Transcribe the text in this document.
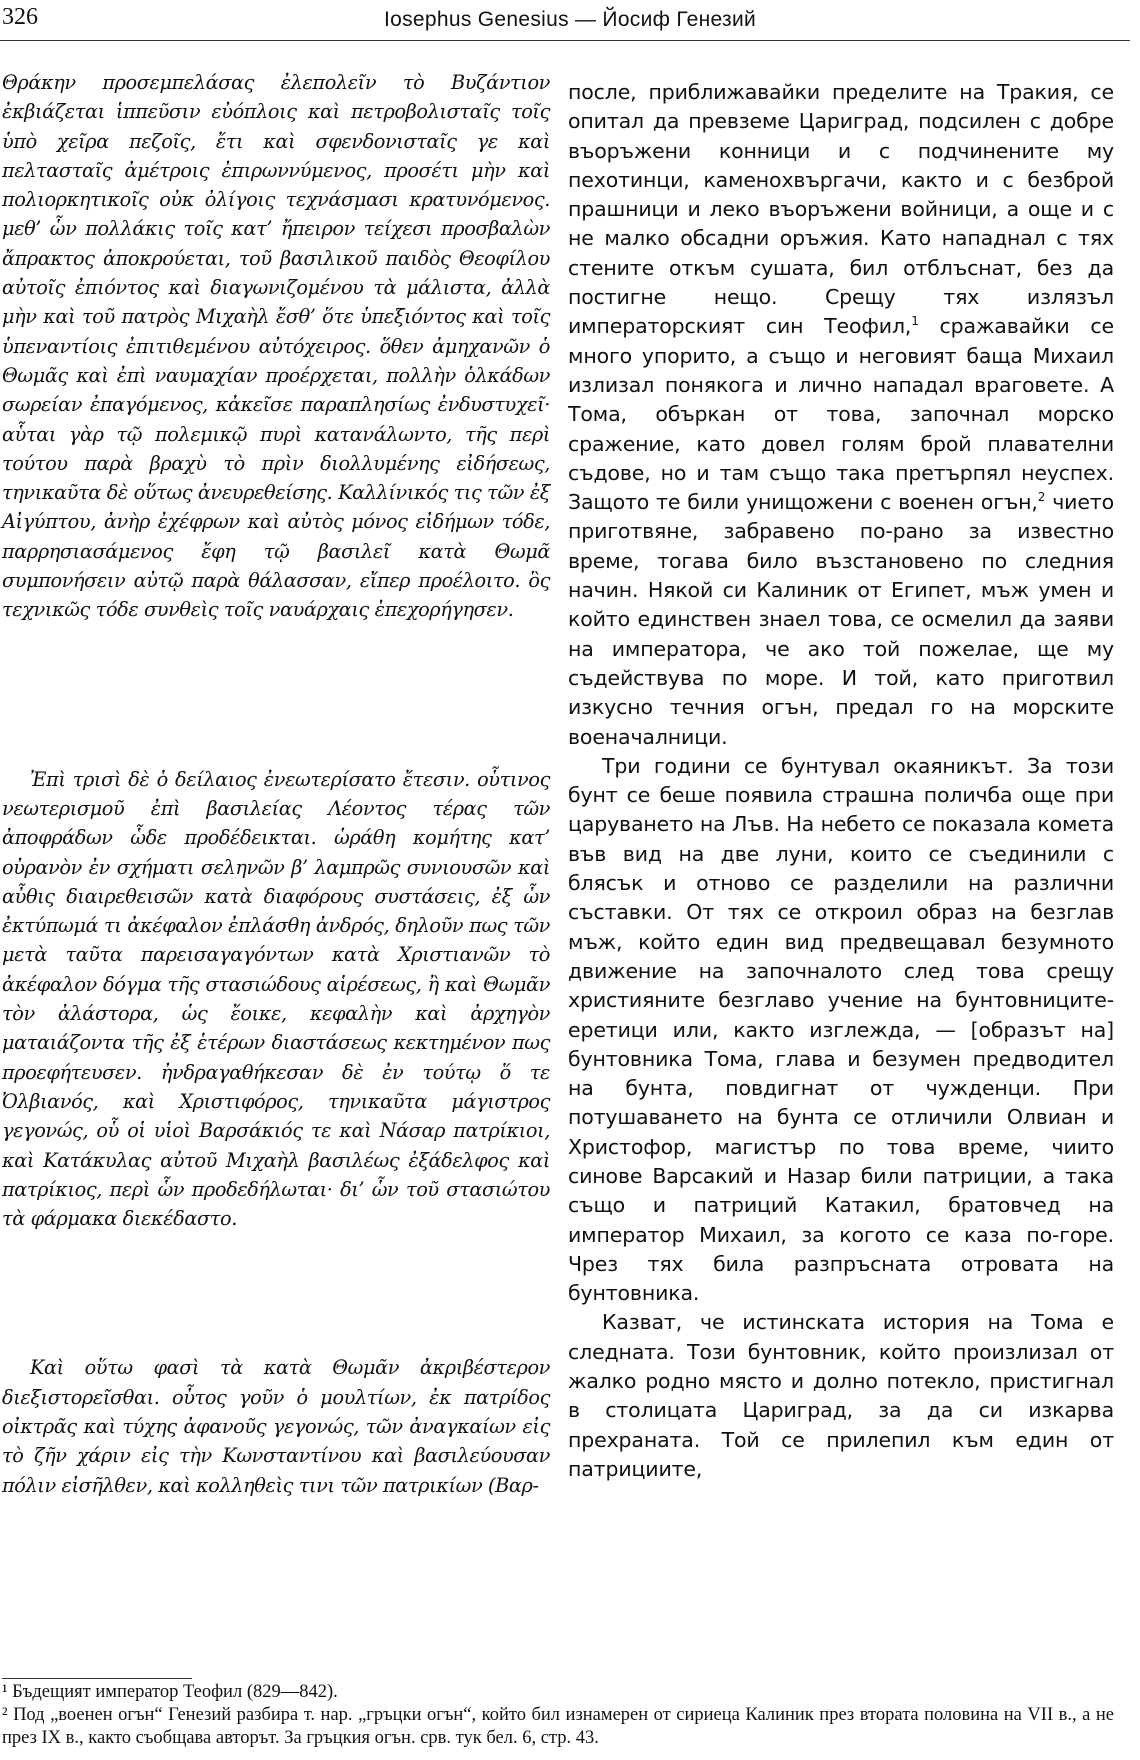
326	Iosephus Genesius — Йосиф Генезий

Θράκην προσεμπελάσας ἐλεπολεῖν τὸ Βυζάντιον ἐκβιάζεται ἱππεῦσιν εὐόπλοις καὶ πετροβολισταῖς τοῖς ὑπὸ χεῖρα πεζοῖς, ἔτι καὶ σφενδονισταῖς γε καὶ πελτασταῖς ἀμέτροις ἐπιρωννύμενος, προσέτι μὴν καὶ πολιορκητικοῖς οὐκ ὀλίγοις τεχνάσμασι κρατυνόμενος. μεθ’ ὧν πολλάκις τοῖς κατ’ ἤπειρον τείχεσι προσβαλὼν ἄπρακτος ἀποκρούεται, τοῦ βασιλικοῦ παιδὸς Θεοφίλου αὐτοῖς ἐπιόντος καὶ διαγωνιζομένου τὰ μάλιστα, ἀλλὰ μὴν καὶ τοῦ πατρὸς Μιχαὴλ ἔσθ’ ὅτε ὑπεξιόντος καὶ τοῖς ὑπεναντίοις ἐπιτιθεμένου αὐτόχειρος. ὅθεν ἀμηχανῶν ὁ Θωμᾶς καὶ ἐπὶ ναυμαχίαν προέρχεται, πολλὴν ὁλκάδων σωρείαν ἐπαγόμενος, κἀκεῖσε παραπλησίως ἐνδυστυχεῖ· αὗται γὰρ τῷ πολεμικῷ πυρὶ κατανάλωντο, τῆς περὶ τούτου παρὰ βραχὺ τὸ πρὶν διολλυμένης εἰδήσεως, τηνικαῦτα δὲ οὕτως ἀνευρεθείσης. Καλλίνικός τις τῶν ἐξ Αἰγύπτου, ἀνὴρ ἐχέφρων καὶ αὐτὸς μόνος εἰδήμων τόδε, παρρησιασάμενος ἔφη τῷ βασιλεῖ κατὰ Θωμᾶ συμπονήσειν αὐτῷ παρὰ θάλασσαν, εἴπερ προέλοιτο. ὃς τεχνικῶς τόδε συνθεὶς τοῖς ναυάρχαις ἐπεχορήγησεν.

Ἐπὶ τρισὶ δὲ ὁ δείλαιος ἐνεωτερίσατο ἔτεσιν. οὗτινος νεωτερισμοῦ ἐπὶ βασιλείας Λέοντος τέρας τῶν ἀποφράδων ὧδε προδέδεικται. ὡράθη κομήτης κατ’ οὐρανὸν ἐν σχήματι σεληνῶν β’ λαμπρῶς συνιουσῶν καὶ αὖθις διαιρεθεισῶν κατὰ διαφόρους συστάσεις, ἐξ ὧν ἐκτύπωμά τι ἀκέφαλον ἐπλάσθη ἀνδρός, δηλοῦν πως τῶν μετὰ ταῦτα παρεισαγαγόντων κατὰ Χριστιανῶν τὸ ἀκέφαλον δόγμα τῆς στασιώδους αἱρέσεως, ἢ καὶ Θωμᾶν τὸν ἀλάστορα, ὡς ἔοικε, κεφαλὴν καὶ ἀρχηγὸν ματαιάζοντα τῆς ἐξ ἑτέρων διαστάσεως κεκτημένον πως προεφήτευσεν. ἠνδραγαθήκεσαν δὲ ἐν τούτῳ ὅ τε Ὀλβιανός, καὶ Χριστιφόρος, τηνικαῦτα μάγιστρος γεγονώς, οὗ οἱ υἱοὶ Βαρσάκιός τε καὶ Νάσαρ πατρίκιοι, καὶ Κατάκυλας αὐτοῦ Μιχαὴλ βασιλέως ἐξάδελφος καὶ πατρίκιος, περὶ ὧν προδεδήλωται· δι’ ὧν τοῦ στασιώτου τὰ φάρμακα διεκέδαστο.

Καὶ οὕτω φασὶ τὰ κατὰ Θωμᾶν ἀκριβέστερον διεξιστορεῖσθαι. οὗτος γοῦν ὁ μουλτίων, ἐκ πατρίδος οἰκτρᾶς καὶ τύχης ἀφανοῦς γεγονώς, τῶν ἀναγκαίων εἰς τὸ ζῆν χάριν εἰς τὴν Κωνσταντίνου καὶ βασιλεύουσαν πόλιν εἰσῆλθεν, καὶ κολληθεὶς τινι τῶν πατρικίων (Βαρ-

после, приближавайки пределите на Тракия, се опитал да превземе Цариград, подсилен с добре въоръжени конници и с подчинените му пехотинци, каменохвъргачи, както и с безброй прашници и леко въоръжени войници, а още и с не малко обсадни оръжия. Като нападнал с тях стените откъм сушата, бил отблъснат, без да постигне нещо. Срещу тях излязъл императорският син Теофил,$^1$ сражавайки се много упорито, а също и неговият баща Михаил излизал понякога и лично нападал враговете. А Тома, объркан от това, започнал морско сражение, като довел голям брой плавателни съдове, но и там също така претърпял неуспех. Защото те били унищожени с военен огън,$^2$ чието приготвяне, забравено по-рано за известно време, тогава било възстановено по следния начин. Някой си Калиник от Египет, мъж умен и който единствен знаел това, се осмелил да заяви на императора, че ако той пожелае, ще му съдействува по море. И той, като приготвил изкусно течния огън, предал го на морските военачалници.

Три години се бунтувал окаяникът. За този бунт се беше появила страшна поличба още при царуването на Лъв. На небето се показала комета във вид на две луни, които се съединили с блясък и отново се разделили на различни съставки. От тях се откроил образ на безглав мъж, който един вид предвещавал безумното движение на започналото след това срещу християните безглаво учение на бунтовниците-еретици или, както изглежда, — [образът на] бунтовника Тома, глава и безумен предводител на бунта, повдигнат от чужденци. При потушаването на бунта се отличили Олвиан и Христофор, магистър по това време, чиито синове Варсакий и Назар били патриции, а така също и патриций Катакил, братовчед на император Михаил, за когото се каза по-горе. Чрез тях била разпръсната отровата на бунтовника.

Казват, че истинската история на Тома е следната. Този бунтовник, който произлизал от жалко родно място и долно потекло, пристигнал в столицата Цариград, за да си изкарва прехраната. Той се прилепил към един от патрициите,

¹ Бъдещият император Теофил (829—842).

² Под „военен огън“ Генезий разбира т. нар. „гръцки огън“, който бил изнамерен от сириеца Калиник през втората половина на VII в., а не през IX в., както съобщава авторът. За гръцкия огън. срв. тук бел. 6, стр. 43.
